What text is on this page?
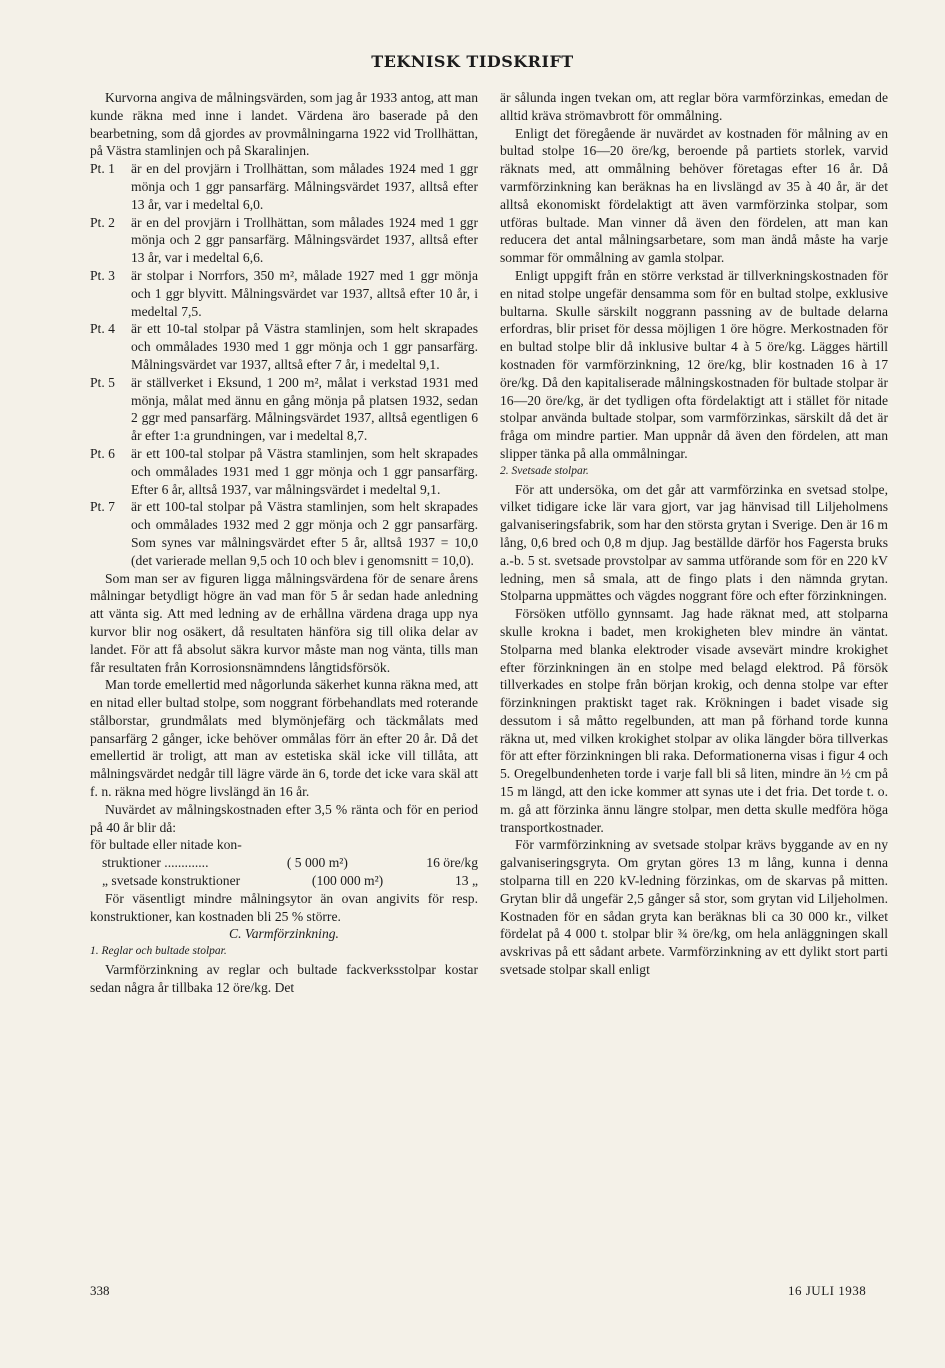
TEKNISK TIDSKRIFT

Kurvorna angiva de målningsvärden, som jag år 1933 antog, att man kunde räkna med inne i landet. Värdena äro baserade på den bearbetning, som då gjordes av provmålningarna 1922 vid Trollhättan, på Västra stamlinjen och på Skaralinjen.

Pt. 1 är en del provjärn i Trollhättan, som målades 1924 med 1 ggr mönja och 1 ggr pansarfärg. Målningsvärdet 1937, alltså efter 13 år, var i medeltal 6,0.

Pt. 2 är en del provjärn i Trollhättan, som målades 1924 med 1 ggr mönja och 2 ggr pansarfärg. Målningsvärdet 1937, alltså efter 13 år, var i medeltal 6,6.

Pt. 3 är stolpar i Norrfors, 350 m², målade 1927 med 1 ggr mönja och 1 ggr blyvitt. Målningsvärdet var 1937, alltså efter 10 år, i medeltal 7,5.

Pt. 4 är ett 10-tal stolpar på Västra stamlinjen, som helt skrapades och ommålades 1930 med 1 ggr mönja och 1 ggr pansarfärg. Målningsvärdet var 1937, alltså efter 7 år, i medeltal 9,1.

Pt. 5 är ställverket i Eksund, 1 200 m², målat i verkstad 1931 med mönja, målat med ännu en gång mönja på platsen 1932, sedan 2 ggr med pansarfärg. Målningsvärdet 1937, alltså egentligen 6 år efter 1:a grundningen, var i medeltal 8,7.

Pt. 6 är ett 100-tal stolpar på Västra stamlinjen, som helt skrapades och ommålades 1931 med 1 ggr mönja och 1 ggr pansarfärg. Efter 6 år, alltså 1937, var målningsvärdet i medeltal 9,1.

Pt. 7 är ett 100-tal stolpar på Västra stamlinjen, som helt skrapades och ommålades 1932 med 2 ggr mönja och 2 ggr pansarfärg. Som synes var målningsvärdet efter 5 år, alltså 1937 = 10,0 (det varierade mellan 9,5 och 10 och blev i genomsnitt = 10,0).

Som man ser av figuren ligga målningsvärdena för de senare årens målningar betydligt högre än vad man för 5 år sedan hade anledning att vänta sig. Att med ledning av de erhållna värdena draga upp nya kurvor blir nog osäkert, då resultaten hänföra sig till olika delar av landet. För att få absolut säkra kurvor måste man nog vänta, tills man får resultaten från Korrosionsnämndens långtidsförsök.

Man torde emellertid med någorlunda säkerhet kunna räkna med, att en nitad eller bultad stolpe, som noggrant förbehandlats med roterande stålborstar, grundmålats med blymönjefärg och täckmålats med pansarfärg 2 gånger, icke behöver ommålas förr än efter 20 år. Då det emellertid är troligt, att man av estetiska skäl icke vill tillåta, att målningsvärdet nedgår till lägre värde än 6, torde det icke vara skäl att f. n. räkna med högre livslängd än 16 år.

Nuvärdet av målningskostnaden efter 3,5 % ränta och för en period på 40 år blir då:

för bultade eller nitade kon-

struktioner .............	( 5 000 m²)	16 öre/kg
„ svetsade konstruktioner	(100 000 m²)	13 „

För väsentligt mindre målningsytor än ovan angivits för resp. konstruktioner, kan kostnaden bli 25 % större.

C. Varmförzinkning.

1. Reglar och bultade stolpar.

Varmförzinkning av reglar och bultade fackverksstolpar kostar sedan några år tillbaka 12 öre/kg. Det

är sålunda ingen tvekan om, att reglar böra varmförzinkas, emedan de alltid kräva strömavbrott för ommålning.

Enligt det föregående är nuvärdet av kostnaden för målning av en bultad stolpe 16—20 öre/kg, beroende på partiets storlek, varvid räknats med, att ommålning behöver företagas efter 16 år. Då varmförzinkning kan beräknas ha en livslängd av 35 à 40 år, är det alltså ekonomiskt fördelaktigt att även varmförzinka stolpar, som utföras bultade. Man vinner då även den fördelen, att man kan reducera det antal målningsarbetare, som man ändå måste ha varje sommar för ommålning av gamla stolpar.

Enligt uppgift från en större verkstad är tillverkningskostnaden för en nitad stolpe ungefär densamma som för en bultad stolpe, exklusive bultarna. Skulle särskilt noggrann passning av de bultade delarna erfordras, blir priset för dessa möjligen 1 öre högre. Merkostnaden för en bultad stolpe blir då inklusive bultar 4 à 5 öre/kg. Lägges härtill kostnaden för varmförzinkning, 12 öre/kg, blir kostnaden 16 à 17 öre/kg. Då den kapitaliserade målningskostnaden för bultade stolpar är 16—20 öre/kg, är det tydligen ofta fördelaktigt att i stället för nitade stolpar använda bultade stolpar, som varmförzinkas, särskilt då det är fråga om mindre partier. Man uppnår då även den fördelen, att man slipper tänka på alla ommålningar.

2. Svetsade stolpar.

För att undersöka, om det går att varmförzinka en svetsad stolpe, vilket tidigare icke lär vara gjort, var jag hänvisad till Liljeholmens galvaniseringsfabrik, som har den största grytan i Sverige. Den är 16 m lång, 0,6 bred och 0,8 m djup. Jag beställde därför hos Fagersta bruks a.-b. 5 st. svetsade provstolpar av samma utförande som för en 220 kV ledning, men så smala, att de fingo plats i den nämnda grytan. Stolparna uppmättes och vägdes noggrant före och efter förzinkningen.

Försöken utföllo gynnsamt. Jag hade räknat med, att stolparna skulle krokna i badet, men krokigheten blev mindre än väntat. Stolparna med blanka elektroder visade avsevärt mindre krokighet efter förzinkningen än en stolpe med belagd elektrod. På försök tillverkades en stolpe från början krokig, och denna stolpe var efter förzinkningen praktiskt taget rak. Krökningen i badet visade sig dessutom i så måtto regelbunden, att man på förhand torde kunna räkna ut, med vilken krokighet stolpar av olika längder böra tillverkas för att efter förzinkningen bli raka. Deformationerna visas i figur 4 och 5. Oregelbundenheten torde i varje fall bli så liten, mindre än ½ cm på 15 m längd, att den icke kommer att synas ute i det fria. Det torde t. o. m. gå att förzinka ännu längre stolpar, men detta skulle medföra höga transportkostnader.

För varmförzinkning av svetsade stolpar krävs byggande av en ny galvaniseringsgryta. Om grytan göres 13 m lång, kunna i denna stolparna till en 220 kV-ledning förzinkas, om de skarvas på mitten. Grytan blir då ungefär 2,5 gånger så stor, som grytan vid Liljeholmen. Kostnaden för en sådan gryta kan beräknas bli ca 30 000 kr., vilket fördelat på 4 000 t. stolpar blir ¾ öre/kg, om hela anläggningen skall avskrivas på ett sådant arbete. Varmförzinkning av ett dylikt stort parti svetsade stolpar skall enligt

338	16 JULI 1938
